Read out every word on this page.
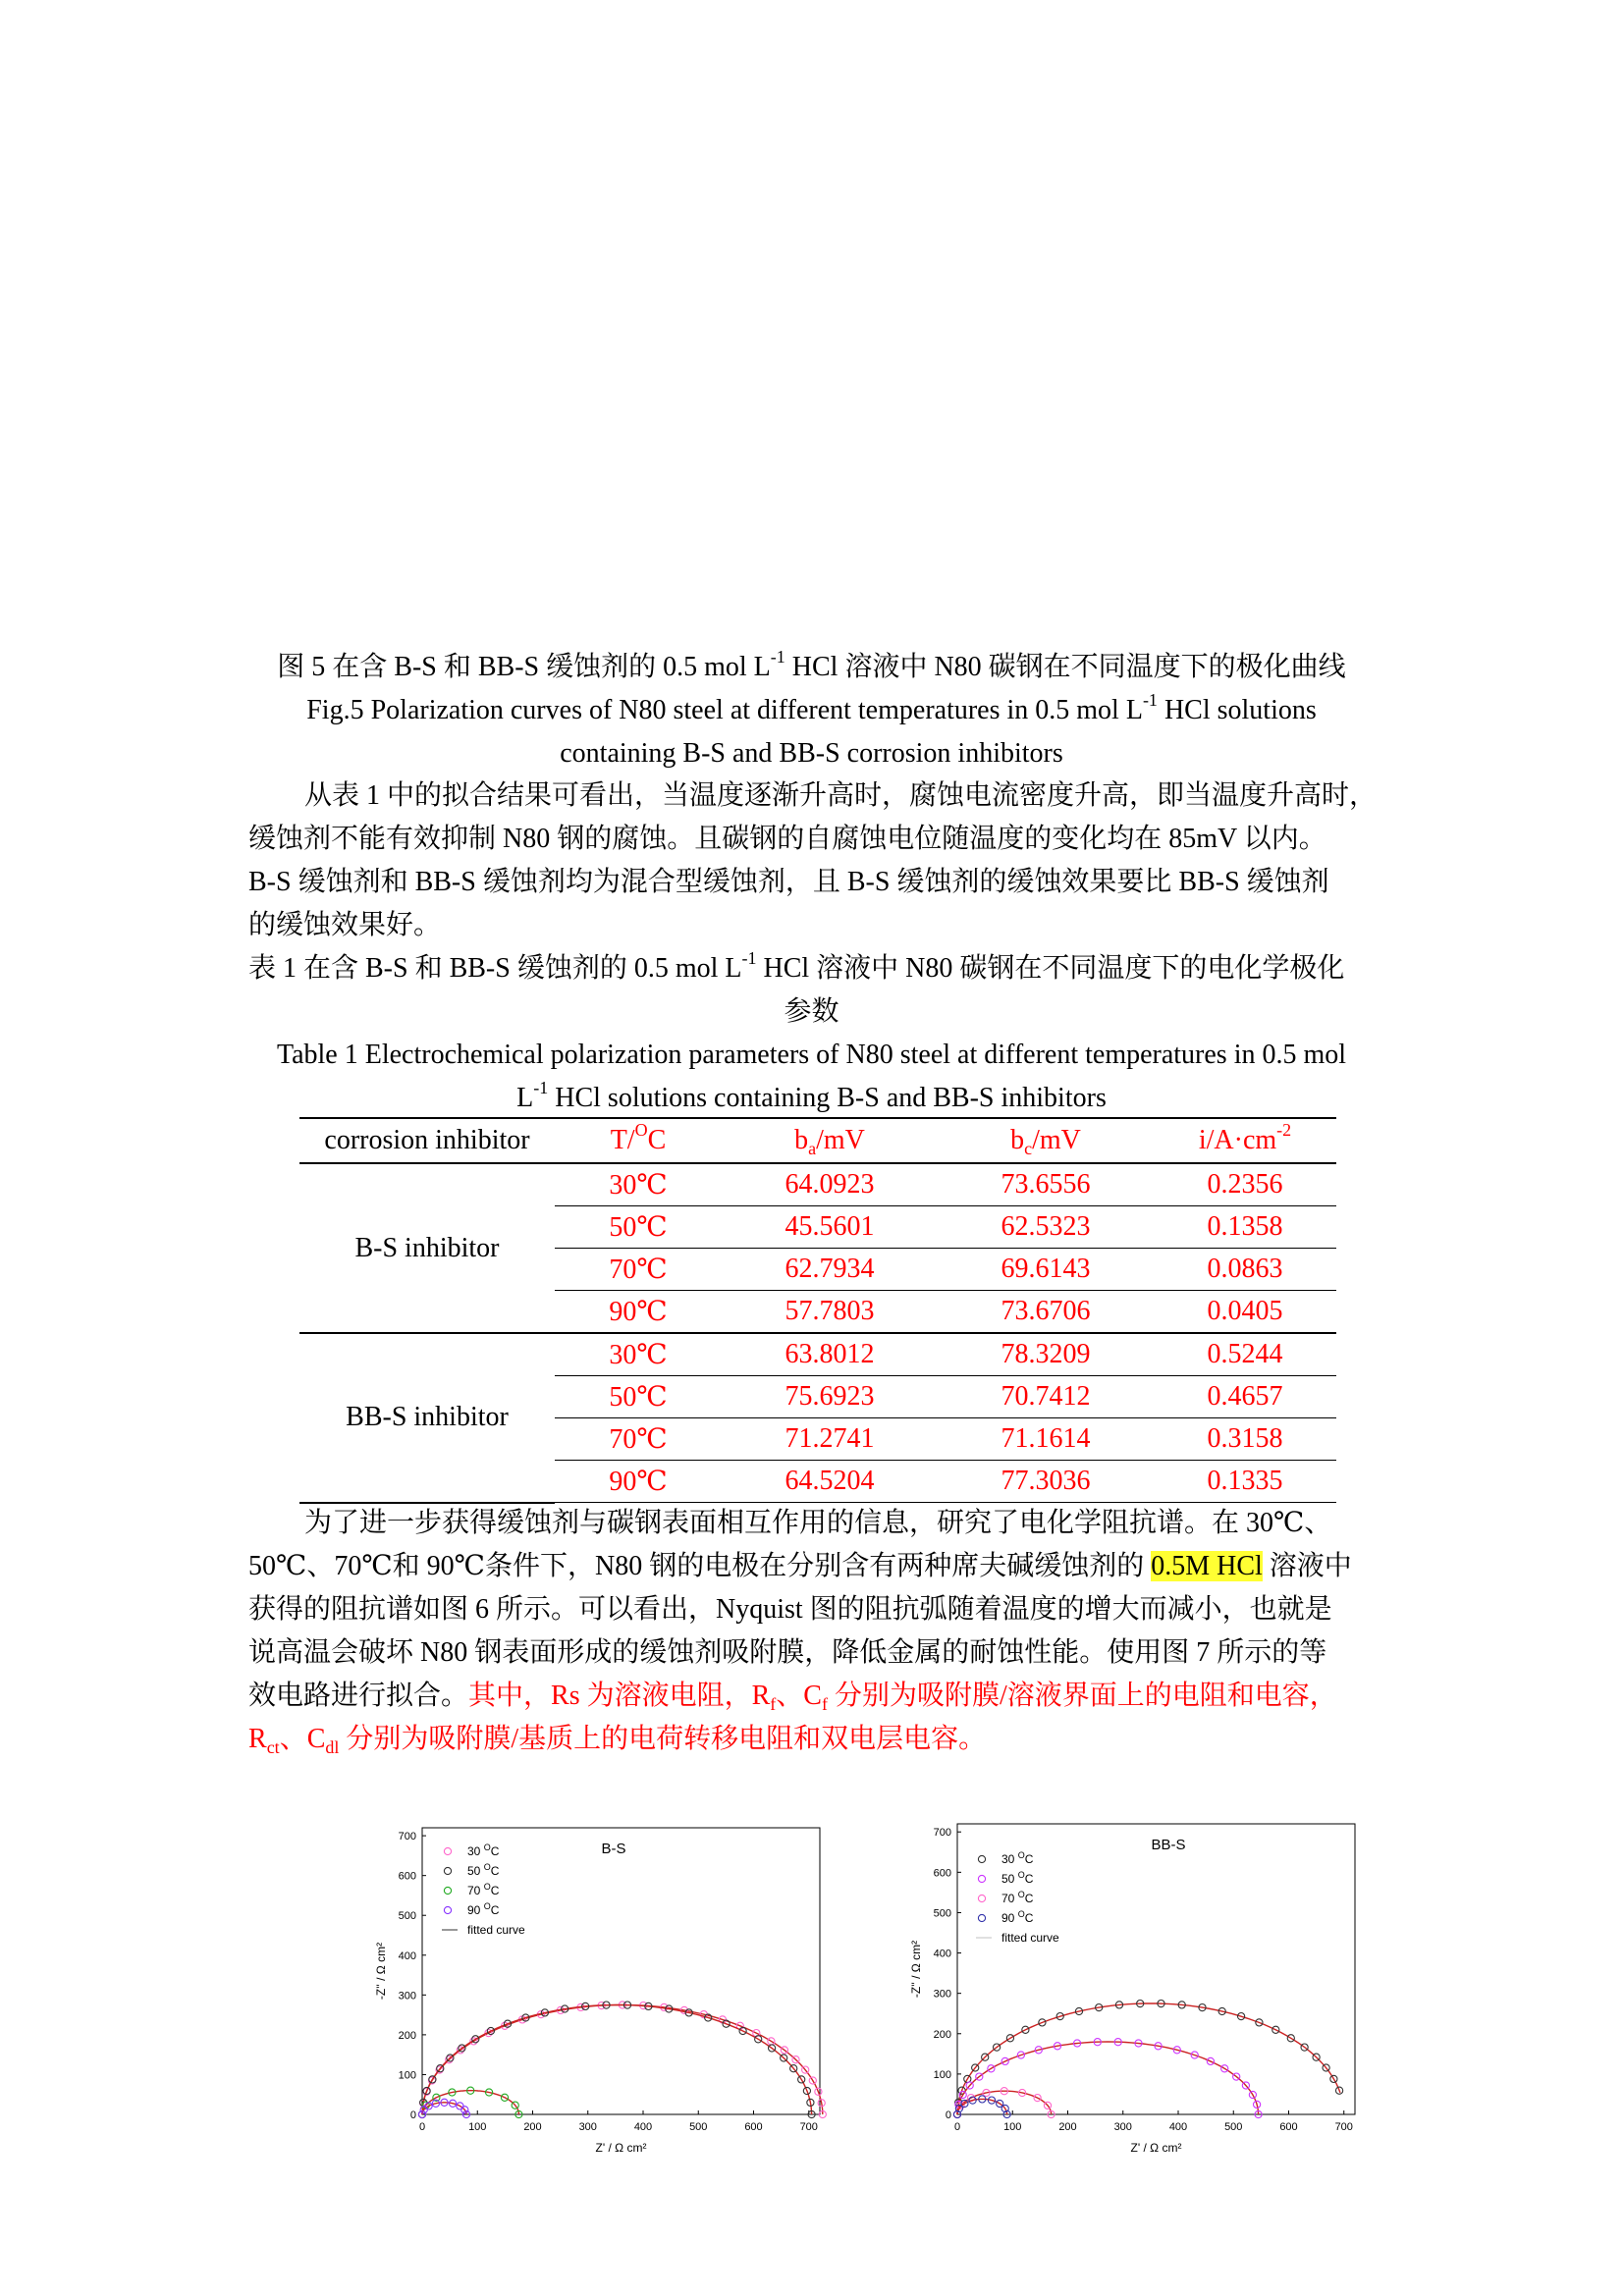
图 5 在含 B-S 和 BB-S 缓蚀剂的 0.5 mol $L^{-1}$ HCl 溶液中 N80 碳钢在不同温度下的极化曲线
Fig.5 Polarization curves of N80 steel at different temperatures in 0.5 mol $L^{-1}$ HCl solutions
containing B-S and BB-S corrosion inhibitors
从表 1 中的拟合结果可看出，当温度逐渐升高时，腐蚀电流密度升高，即当温度升高时，
缓蚀剂不能有效抑制 N80 钢的腐蚀。且碳钢的自腐蚀电位随温度的变化均在 85mV 以内。
B-S 缓蚀剂和 BB-S 缓蚀剂均为混合型缓蚀剂，且 B-S 缓蚀剂的缓蚀效果要比 BB-S 缓蚀剂
的缓蚀效果好。
表 1 在含 B-S 和 BB-S 缓蚀剂的 0.5 mol $L^{-1}$ HCl 溶液中 N80 碳钢在不同温度下的电化学极化
参数
Table 1 Electrochemical polarization parameters of N80 steel at different temperatures in 0.5 mol
$L^{-1}$ HCl solutions containing B-S and BB-S inhibitors
corrosion inhibitor	T/$^O$C	$b_a/mV$	$b_c/mV$	$i/A\cdot cm^{-2}$
B-S inhibitor	30℃	64.0923	73.6556	0.2356
	50℃	45.5601	62.5323	0.1358
	70℃	62.7934	69.6143	0.0863
	90℃	57.7803	73.6706	0.0405
BB-S inhibitor	30℃	63.8012	78.3209	0.5244
	50℃	75.6923	70.7412	0.4657
	70℃	71.2741	71.1614	0.3158
	90℃	64.5204	77.3036	0.1335
为了进一步获得缓蚀剂与碳钢表面相互作用的信息，研究了电化学阻抗谱。在 30℃、
50℃、70℃和 90℃条件下，N80 钢的电极在分别含有两种席夫碱缓蚀剂的 0.5M HCl 溶液中
获得的阻抗谱如图 6 所示。可以看出，Nyquist 图的阻抗弧随着温度的增大而减小，也就是
说高温会破坏 N80 钢表面形成的缓蚀剂吸附膜，降低金属的耐蚀性能。使用图 7 所示的等
效电路进行拟合。其中，Rs 为溶液电阻，$R_f$、$C_f$ 分别为吸附膜/溶液界面上的电阻和电容，
$R_{ct}$、$C_{dl}$ 分别为吸附膜/基质上的电荷转移电阻和双电层电容。
0	100	200	300	400	500	600	700
0
100
200
300
400
500
600
700
Z' / Ω cm²
-Z'' / Ω cm²
B-S
30 $^O$C
50 $^O$C
70 $^O$C
90 $^O$C
fitted curve
0	100	200	300	400	500	600	700
0
100
200
300
400
500
600
700
Z' / Ω cm²
-Z'' / Ω cm²
BB-S
30 $^O$C
50 $^O$C
70 $^O$C
90 $^O$C
fitted curve
